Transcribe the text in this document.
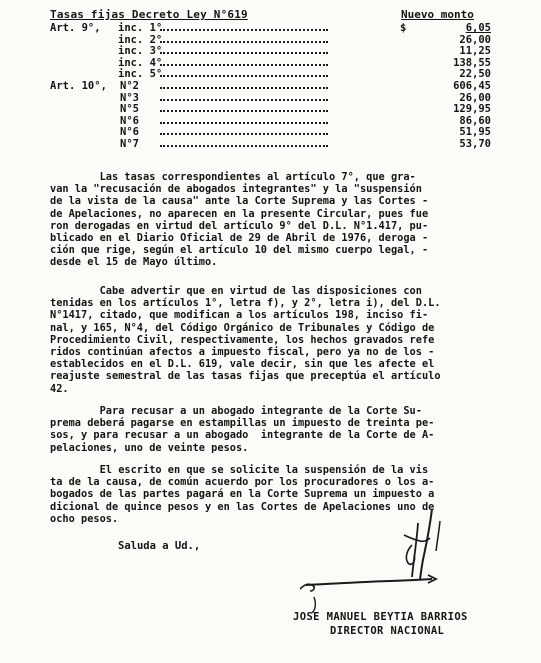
Tasas fijas Decreto Ley N°619	Nuevo monto
Art. 9°, inc. 1°	$	6,05
inc. 2°	26,00
inc. 3°	11,25
inc. 4°	138,55
inc. 5°	22,50
Art. 10°, N°2	606,45
N°3	26,00
N°5	129,95
N°6	86,60
N°6	51,95
N°7	53,70
Las tasas correspondientes al artículo 7°, que gra-
van la "recusación de abogados integrantes" y la "suspensión
de la vista de la causa" ante la Corte Suprema y las Cortes -
de Apelaciones, no aparecen en la presente Circular, pues fue
ron derogadas en virtud del artículo 9° del D.L. N°1.417, pu-
blicado en el Diario Oficial de 29 de Abril de 1976, deroga -
ción que rige, según el artículo 10 del mismo cuerpo legal, -
desde el 15 de Mayo último.
Cabe advertir que en virtud de las disposiciones con
tenidas en los artículos 1°, letra f), y 2°, letra i), del D.L.
N°1417, citado, que modifican a los artículos 198, inciso fi-
nal, y 165, N°4, del Código Orgánico de Tribunales y Código de
Procedimiento Civil, respectivamente, los hechos gravados refe
ridos continúan afectos a impuesto fiscal, pero ya no de los -
establecidos en el D.L. 619, vale decir, sin que les afecte el
reajuste semestral de las tasas fijas que preceptúa el artículo
42.
Para recusar a un abogado integrante de la Corte Su-
prema deberá pagarse en estampillas un impuesto de treinta pe-
sos, y para recusar a un abogado  integrante de la Corte de A-
pelaciones, uno de veinte pesos.
El escrito en que se solicite la suspensión de la vis
ta de la causa, de común acuerdo por los procuradores o los a-
bogados de las partes pagará en la Corte Suprema un impuesto a
dicional de quince pesos y en las Cortes de Apelaciones uno de
ocho pesos.
Saluda a Ud.,
JOSE MANUEL BEYTIA BARRIOS
DIRECTOR NACIONAL
